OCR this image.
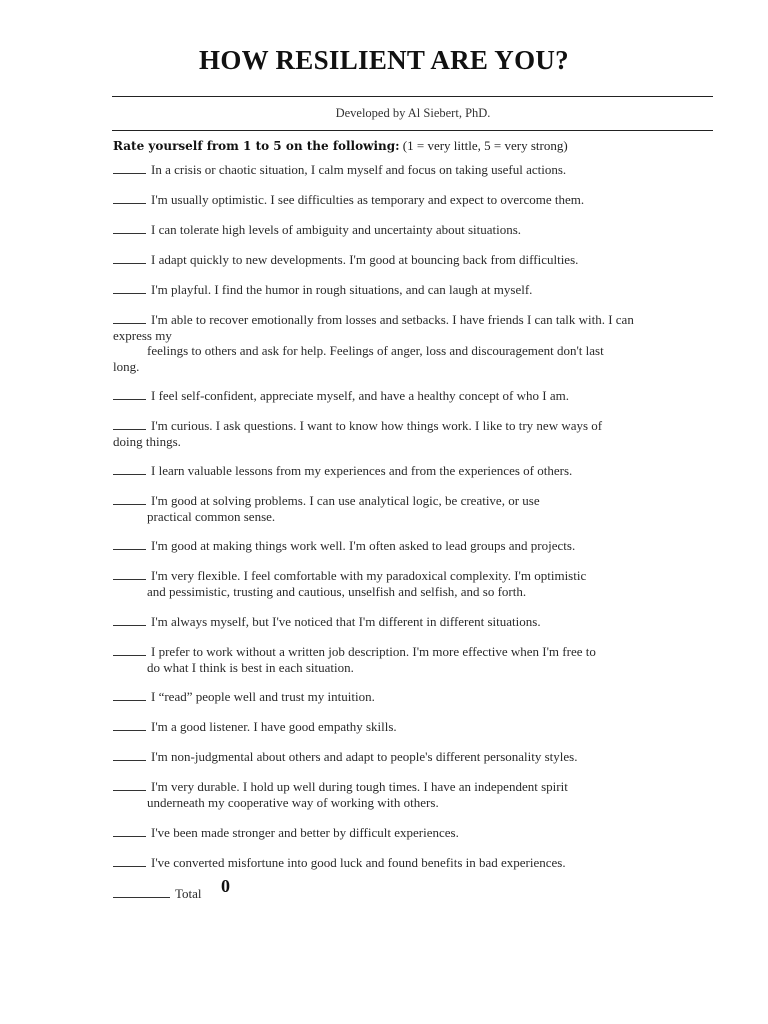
HOW RESILIENT ARE YOU?
Developed by Al Siebert, PhD.
Rate yourself from 1 to 5 on the following: (1 = very little, 5 = very strong)
In a crisis or chaotic situation, I calm myself and focus on taking useful actions.
I'm usually optimistic. I see difficulties as temporary and expect to overcome them.
I can tolerate high levels of ambiguity and uncertainty about situations.
I adapt quickly to new developments. I'm good at bouncing back from difficulties.
I'm playful. I find the humor in rough situations, and can laugh at myself.
I'm able to recover emotionally from losses and setbacks. I have friends I can talk with. I can
express my
feelings to others and ask for help. Feelings of anger, loss and discouragement don't last
long.
I feel self-confident, appreciate myself, and have a healthy concept of who I am.
I'm curious. I ask questions. I want to know how things work. I like to try new ways of
doing things.
I learn valuable lessons from my experiences and from the experiences of others.
I'm good at solving problems. I can use analytical logic, be creative, or use
practical common sense.
I'm good at making things work well. I'm often asked to lead groups and projects.
I'm very flexible. I feel comfortable with my paradoxical complexity. I'm optimistic
and pessimistic, trusting and cautious, unselfish and selfish, and so forth.
I'm always myself, but I've noticed that I'm different in different situations.
I prefer to work without a written job description. I'm more effective when I'm free to
do what I think is best in each situation.
I “read” people well and trust my intuition.
I'm a good listener. I have good empathy skills.
I'm non-judgmental about others and adapt to people's different personality styles.
I'm very durable. I hold up well during tough times. I have an independent spirit
underneath my cooperative way of working with others.
I've been made stronger and better by difficult experiences.
I've converted misfortune into good luck and found benefits in bad experiences.
Total 0
